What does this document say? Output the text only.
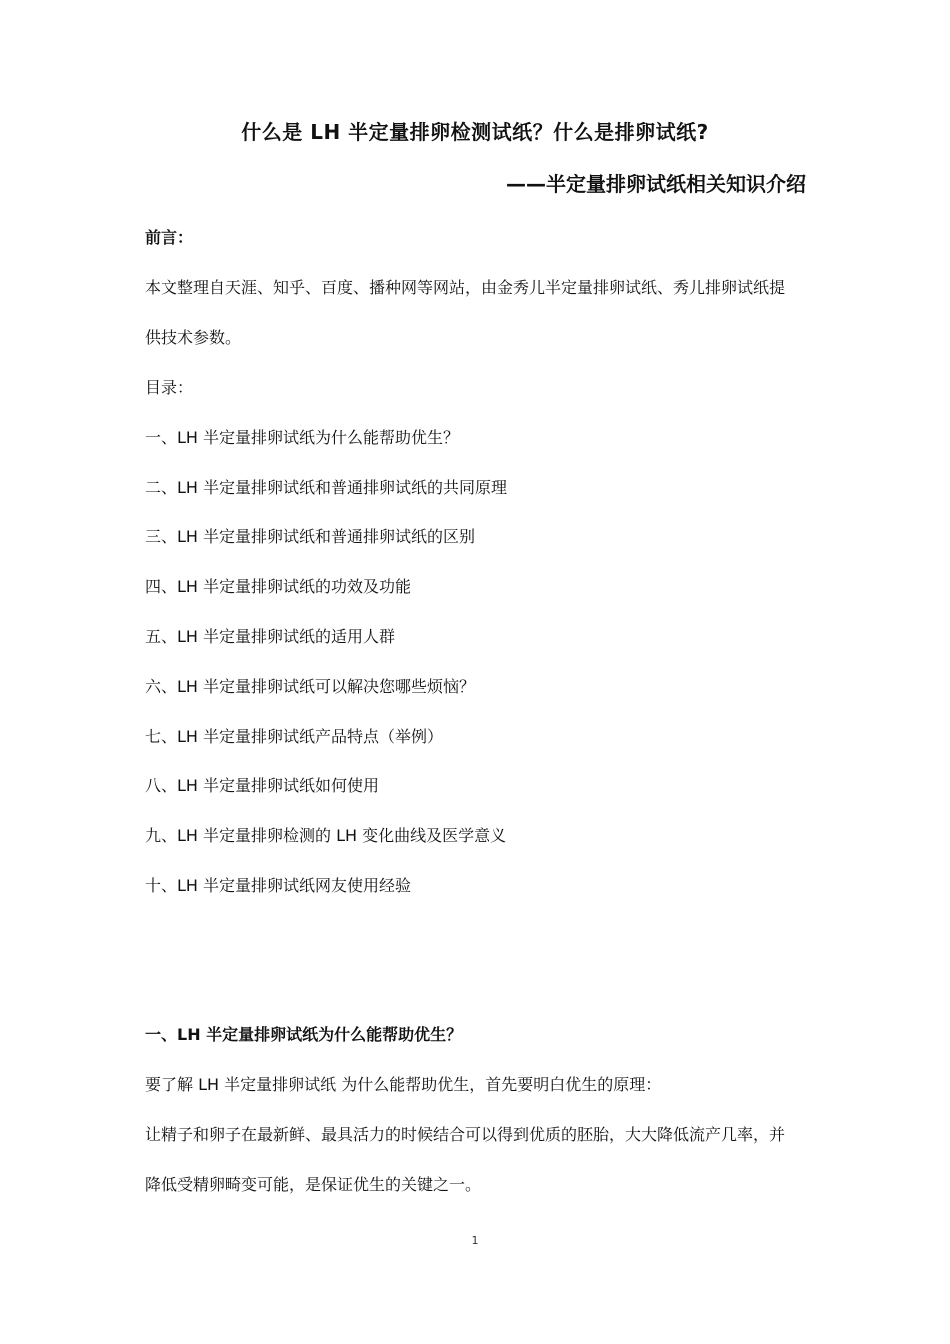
什么是 LH 半定量排卵检测试纸？什么是排卵试纸?
——半定量排卵试纸相关知识介绍
前言：
本文整理自天涯、知乎、百度、播种网等网站，由金秀儿半定量排卵试纸、秀儿排卵试纸提
供技术参数。
目录：
一、LH 半定量排卵试纸为什么能帮助优生？
二、LH 半定量排卵试纸和普通排卵试纸的共同原理
三、LH 半定量排卵试纸和普通排卵试纸的区别
四、LH 半定量排卵试纸的功效及功能
五、LH 半定量排卵试纸的适用人群
六、LH 半定量排卵试纸可以解决您哪些烦恼？
七、LH 半定量排卵试纸产品特点（举例）
八、LH 半定量排卵试纸如何使用
九、LH 半定量排卵检测的 LH 变化曲线及医学意义
十、LH 半定量排卵试纸网友使用经验
一、LH 半定量排卵试纸为什么能帮助优生？
要了解 LH 半定量排卵试纸 为什么能帮助优生，首先要明白优生的原理：
让精子和卵子在最新鲜、最具活力的时候结合可以得到优质的胚胎，大大降低流产几率，并
降低受精卵畸变可能，是保证优生的关键之一。
1
